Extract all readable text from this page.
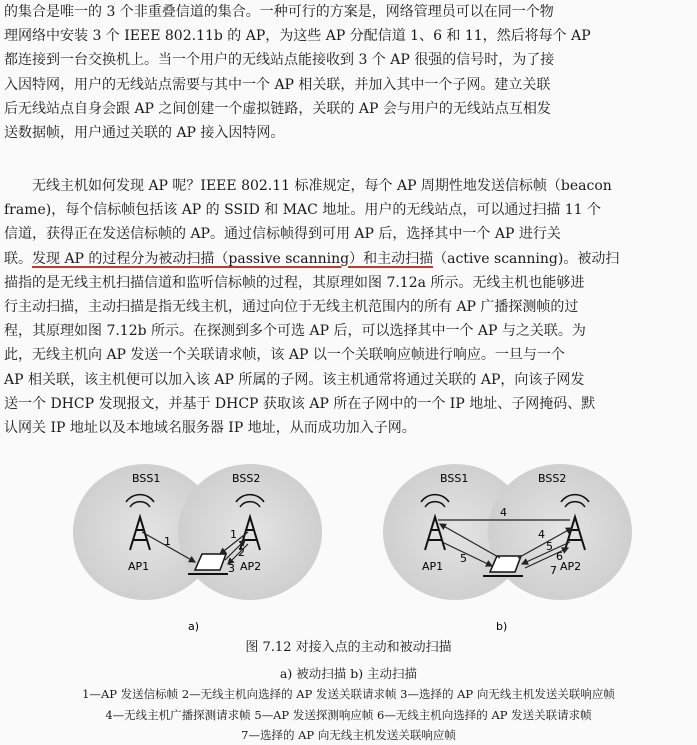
的集合是唯一的 3 个非重叠信道的集合。一种可行的方案是，网络管理员可以在同一个物
理网络中安装 3 个 IEEE 802.11b 的 AP，为这些 AP 分配信道 1、6 和 11，然后将每个 AP
都连接到一台交换机上。当一个用户的无线站点能接收到 3 个 AP 很强的信号时，为了接
入因特网，用户的无线站点需要与其中一个 AP 相关联，并加入其中一个子网。建立关联
后无线站点自身会跟 AP 之间创建一个虚拟链路，关联的 AP 会与用户的无线站点互相发
送数据帧，用户通过关联的 AP 接入因特网。
无线主机如何发现 AP 呢？IEEE 802.11 标准规定，每个 AP 周期性地发送信标帧（beacon
frame)，每个信标帧包括该 AP 的 SSID 和 MAC 地址。用户的无线站点，可以通过扫描 11 个
信道，获得正在发送信标帧的 AP。通过信标帧得到可用 AP 后，选择其中一个 AP 进行关
联。发现 AP 的过程分为被动扫描（passive scanning）和主动扫描（active scanning)。被动扫
描指的是无线主机扫描信道和监听信标帧的过程，其原理如图 7.12a 所示。无线主机也能够进
行主动扫描，主动扫描是指无线主机，通过向位于无线主机范围内的所有 AP 广播探测帧的过
程，其原理如图 7.12b 所示。在探测到多个可选 AP 后，可以选择其中一个 AP 与之关联。为
此，无线主机向 AP 发送一个关联请求帧，该 AP 以一个关联响应帧进行响应。一旦与一个
AP 相关联，该主机便可以加入该 AP 所属的子网。该主机通常将通过关联的 AP，向该子网发
送一个 DHCP 发现报文，并基于 DHCP 获取该 AP 所在子网中的一个 IP 地址、子网掩码、默
认网关 IP 地址以及本地域名服务器 IP 地址，从而成功加入子网。
BSS1	BSS2
AP1	AP2
1
1
2
3
a)
BSS1	BSS2
AP1	AP2
4
4
5
5
6
7
b)
图 7.12 对接入点的主动和被动扫描
a) 被动扫描 b) 主动扫描
1—AP 发送信标帧 2—无线主机向选择的 AP 发送关联请求帧 3—选择的 AP 向无线主机发送关联响应帧
4—无线主机广播探测请求帧 5—AP 发送探测响应帧 6—无线主机向选择的 AP 发送关联请求帧
7—选择的 AP 向无线主机发送关联响应帧
